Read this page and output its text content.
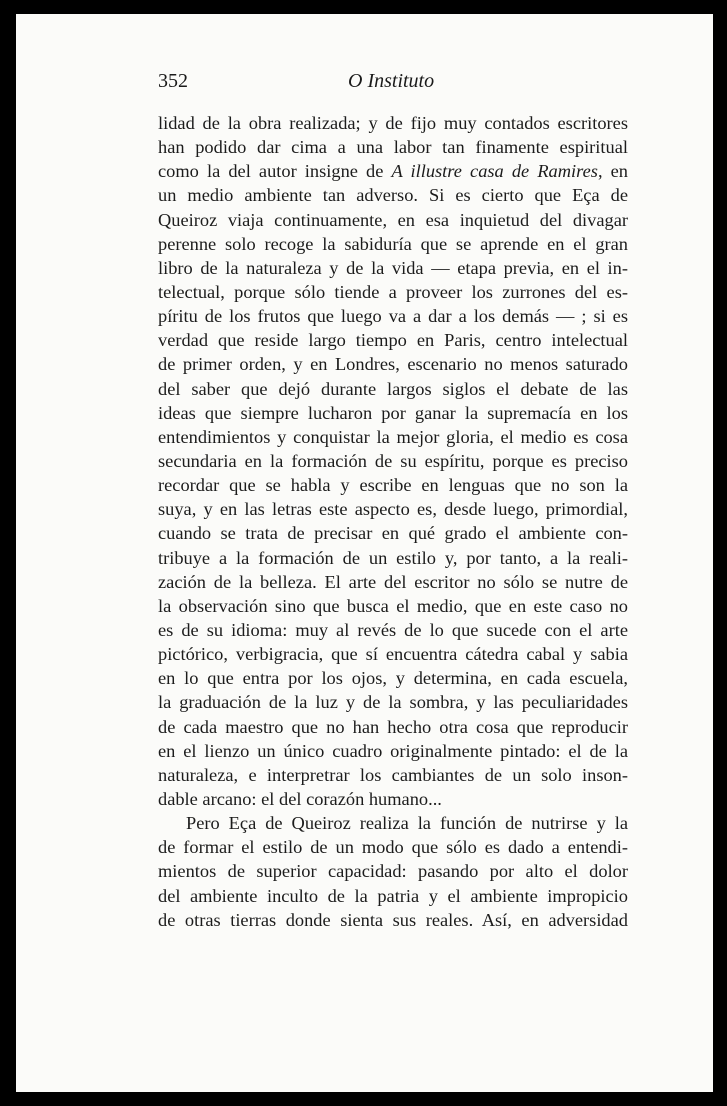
352	O Instituto
lidad de la obra realizada; y de fijo muy contados escritores
han podido dar cima a una labor tan finamente espiritual
como la del autor insigne de A illustre casa de Ramires, en
un medio ambiente tan adverso. Si es cierto que Eça de
Queiroz viaja continuamente, en esa inquietud del divagar
perenne solo recoge la sabiduría que se aprende en el gran
libro de la naturaleza y de la vida — etapa previa, en el in-
telectual, porque sólo tiende a proveer los zurrones del es-
píritu de los frutos que luego va a dar a los demás — ; si es
verdad que reside largo tiempo en Paris, centro intelectual
de primer orden, y en Londres, escenario no menos saturado
del saber que dejó durante largos siglos el debate de las
ideas que siempre lucharon por ganar la supremacía en los
entendimientos y conquistar la mejor gloria, el medio es cosa
secundaria en la formación de su espíritu, porque es preciso
recordar que se habla y escribe en lenguas que no son la
suya, y en las letras este aspecto es, desde luego, primordial,
cuando se trata de precisar en qué grado el ambiente con-
tribuye a la formación de un estilo y, por tanto, a la reali-
zación de la belleza. El arte del escritor no sólo se nutre de
la observación sino que busca el medio, que en este caso no
es de su idioma: muy al revés de lo que sucede con el arte
pictórico, verbigracia, que sí encuentra cátedra cabal y sabia
en lo que entra por los ojos, y determina, en cada escuela,
la graduación de la luz y de la sombra, y las peculiaridades
de cada maestro que no han hecho otra cosa que reproducir
en el lienzo un único cuadro originalmente pintado: el de la
naturaleza, e interpretrar los cambiantes de un solo inson-
dable arcano: el del corazón humano...
Pero Eça de Queiroz realiza la función de nutrirse y la
de formar el estilo de un modo que sólo es dado a entendi-
mientos de superior capacidad: pasando por alto el dolor
del ambiente inculto de la patria y el ambiente impropicio
de otras tierras donde sienta sus reales. Así, en adversidad
